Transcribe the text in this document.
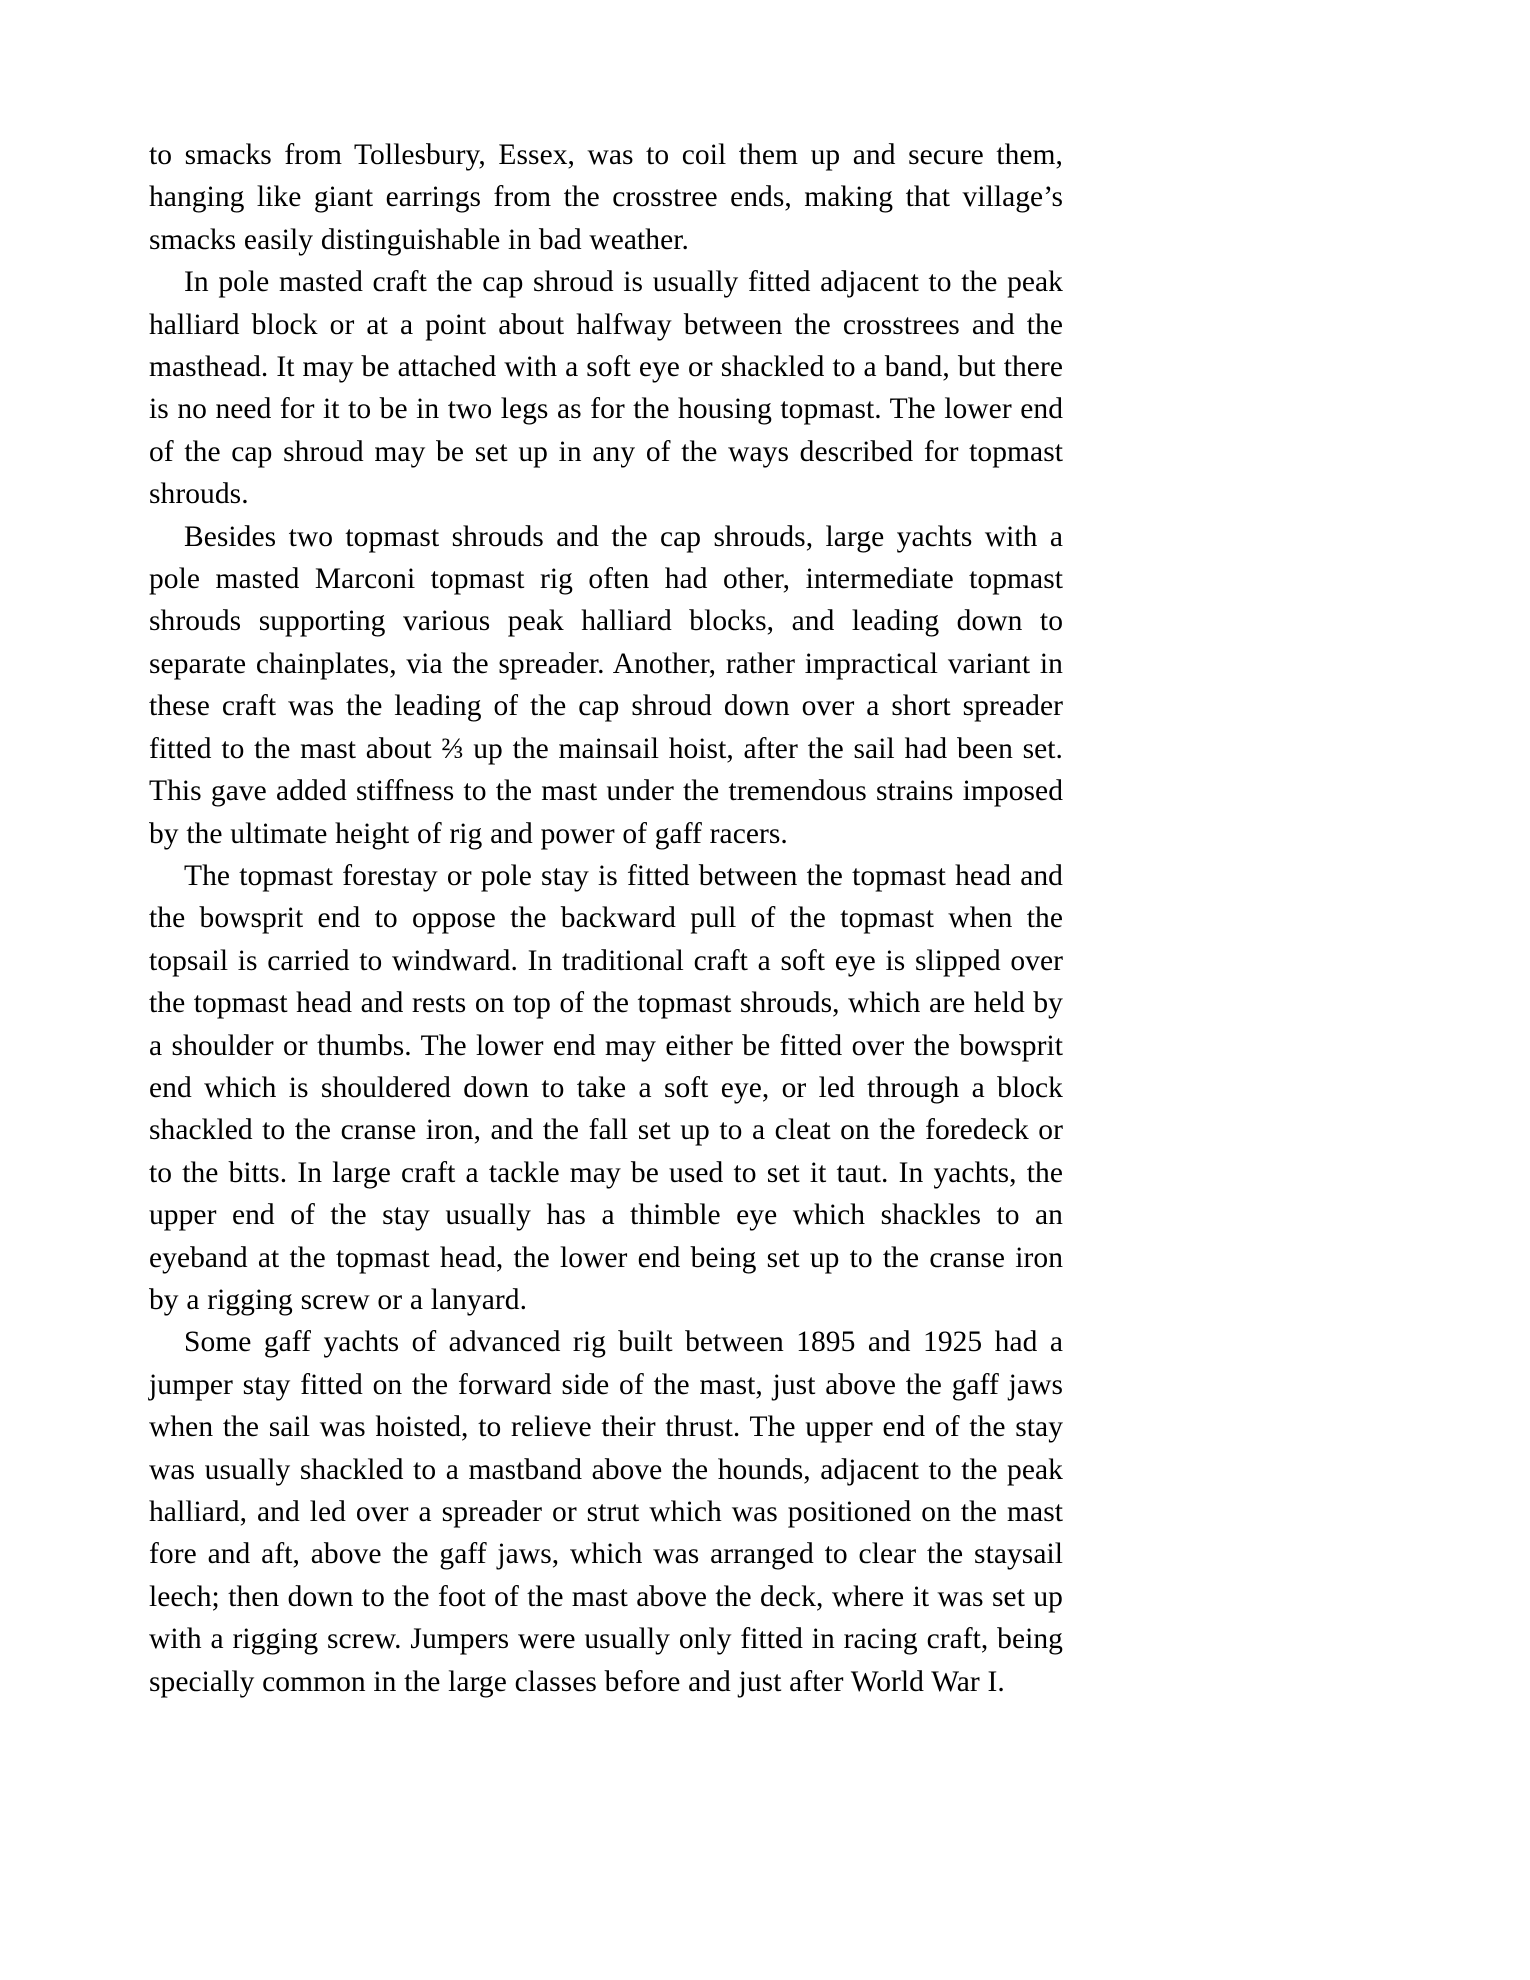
to smacks from Tollesbury, Essex, was to coil them up and secure them, hanging like giant earrings from the crosstree ends, making that village’s smacks easily distinguishable in bad weather.

In pole masted craft the cap shroud is usually fitted adjacent to the peak halliard block or at a point about halfway between the crosstrees and the masthead. It may be attached with a soft eye or shackled to a band, but there is no need for it to be in two legs as for the housing topmast. The lower end of the cap shroud may be set up in any of the ways described for topmast shrouds.

Besides two topmast shrouds and the cap shrouds, large yachts with a pole masted Marconi topmast rig often had other, intermediate topmast shrouds supporting various peak halliard blocks, and leading down to separate chainplates, via the spreader. Another, rather impractical variant in these craft was the leading of the cap shroud down over a short spreader fitted to the mast about ⅔ up the mainsail hoist, after the sail had been set. This gave added stiffness to the mast under the tremendous strains imposed by the ultimate height of rig and power of gaff racers.

The topmast forestay or pole stay is fitted between the topmast head and the bowsprit end to oppose the backward pull of the topmast when the topsail is carried to windward. In traditional craft a soft eye is slipped over the topmast head and rests on top of the topmast shrouds, which are held by a shoulder or thumbs. The lower end may either be fitted over the bowsprit end which is shouldered down to take a soft eye, or led through a block shackled to the cranse iron, and the fall set up to a cleat on the foredeck or to the bitts. In large craft a tackle may be used to set it taut. In yachts, the upper end of the stay usually has a thimble eye which shackles to an eyeband at the topmast head, the lower end being set up to the cranse iron by a rigging screw or a lanyard.

Some gaff yachts of advanced rig built between 1895 and 1925 had a jumper stay fitted on the forward side of the mast, just above the gaff jaws when the sail was hoisted, to relieve their thrust. The upper end of the stay was usually shackled to a mastband above the hounds, adjacent to the peak halliard, and led over a spreader or strut which was positioned on the mast fore and aft, above the gaff jaws, which was arranged to clear the staysail leech; then down to the foot of the mast above the deck, where it was set up with a rigging screw. Jumpers were usually only fitted in racing craft, being specially common in the large classes before and just after World War I.
